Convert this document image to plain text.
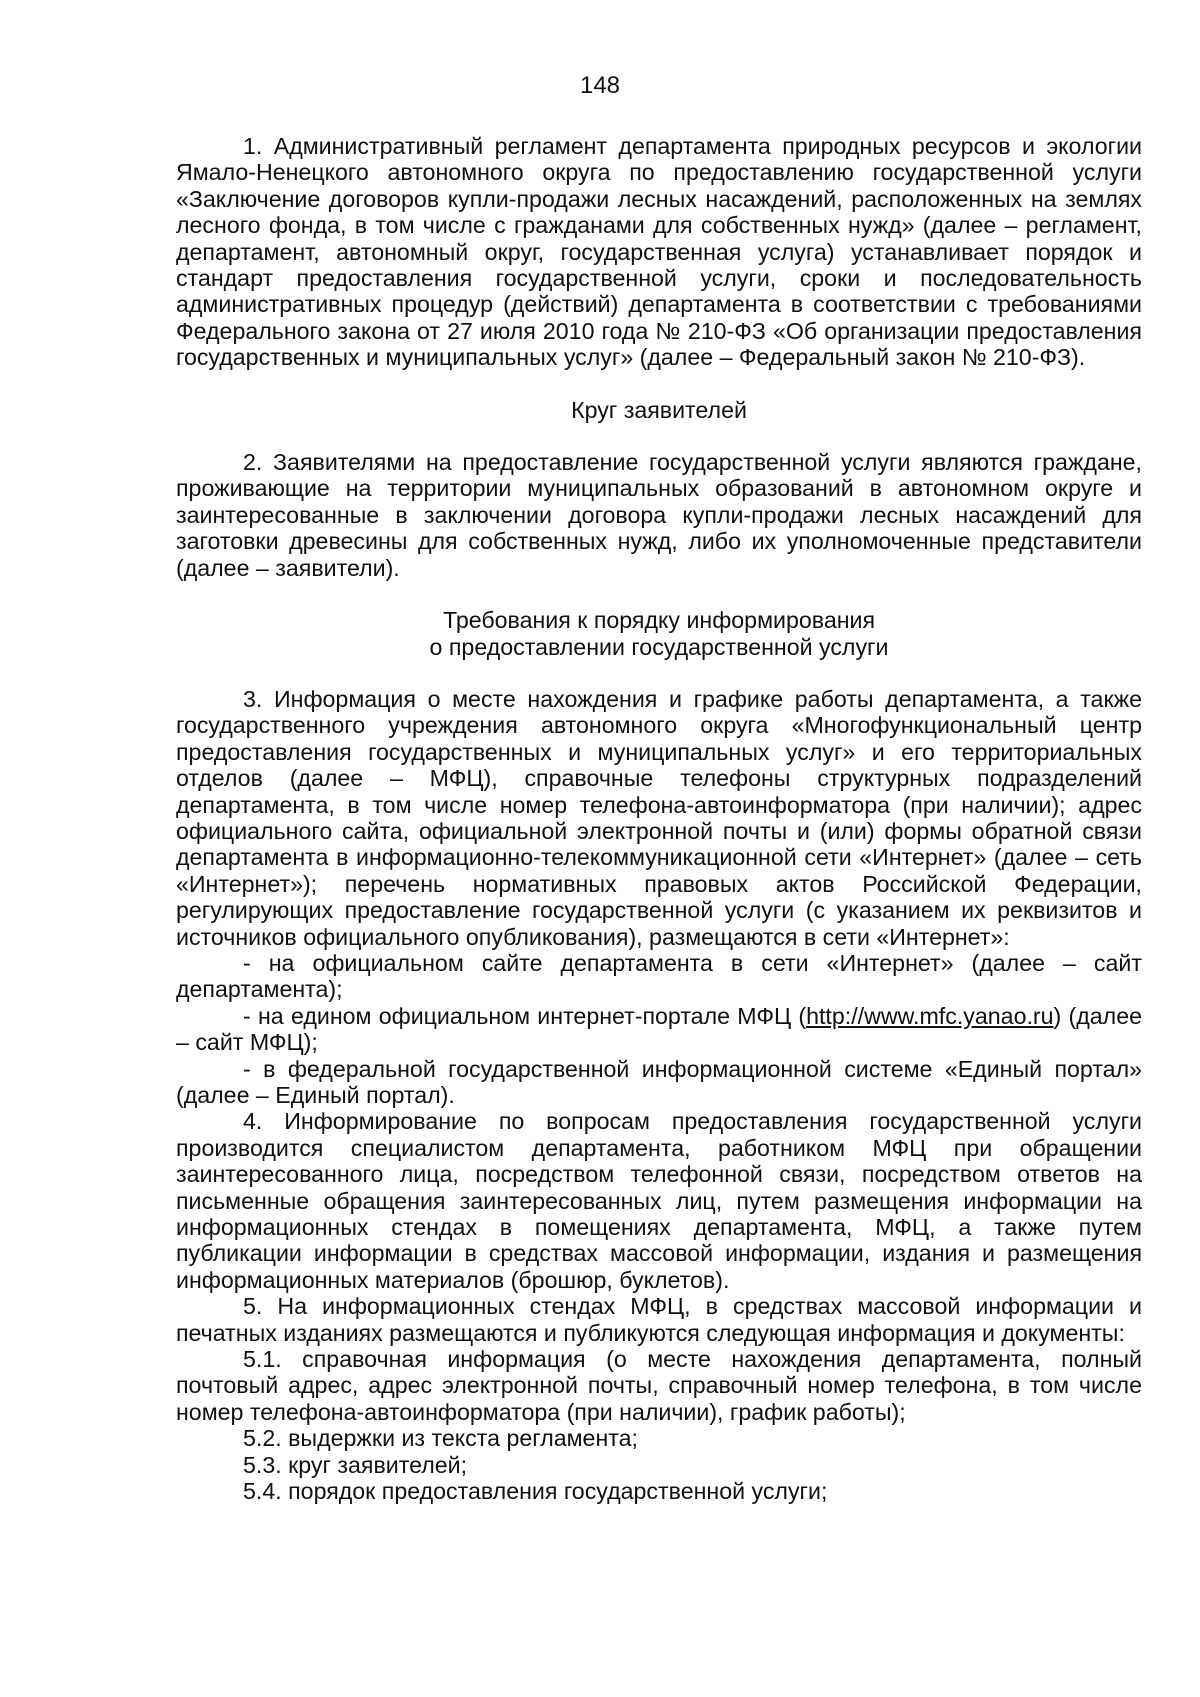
148

1. Административный регламент департамента природных ресурсов и экологии Ямало-Ненецкого автономного округа по предоставлению государственной услуги «Заключение договоров купли-продажи лесных насаждений, расположенных на землях лесного фонда, в том числе с гражданами для собственных нужд» (далее – регламент, департамент, автономный округ, государственная услуга) устанавливает порядок и стандарт предоставления государственной услуги, сроки и последовательность административных процедур (действий) департамента в соответствии с требованиями Федерального закона от 27 июля 2010 года № 210-ФЗ «Об организации предоставления государственных и муниципальных услуг» (далее – Федеральный закон № 210-ФЗ).

Круг заявителей

2. Заявителями на предоставление государственной услуги являются граждане, проживающие на территории муниципальных образований в автономном округе и заинтересованные в заключении договора купли-продажи лесных насаждений для заготовки древесины для собственных нужд, либо их уполномоченные представители (далее – заявители).

Требования к порядку информирования

о предоставлении государственной услуги

3. Информация о месте нахождения и графике работы департамента, а также государственного учреждения автономного округа «Многофункциональный центр предоставления государственных и муниципальных услуг» и его территориальных отделов (далее – МФЦ), справочные телефоны структурных подразделений департамента, в том числе номер телефона-автоинформатора (при наличии); адрес официального сайта, официальной электронной почты и (или) формы обратной связи департамента в информационно-телекоммуникационной сети «Интернет» (далее – сеть «Интернет»); перечень нормативных правовых актов Российской Федерации, регулирующих предоставление государственной услуги (с указанием их реквизитов и источников официального опубликования), размещаются в сети «Интернет»:

- на официальном сайте департамента в сети «Интернет» (далее – сайт департамента);

- на едином официальном интернет-портале МФЦ (http://www.mfc.yanao.ru) (далее – сайт МФЦ);

- в федеральной государственной информационной системе «Единый портал» (далее – Единый портал).

4. Информирование по вопросам предоставления государственной услуги производится специалистом департамента, работником МФЦ при обращении заинтересованного лица, посредством телефонной связи, посредством ответов на письменные обращения заинтересованных лиц, путем размещения информации на информационных стендах в помещениях департамента, МФЦ, а также путем публикации информации в средствах массовой информации, издания и размещения информационных материалов (брошюр, буклетов).

5. На информационных стендах МФЦ, в средствах массовой информации и печатных изданиях размещаются и публикуются следующая информация и документы:

5.1. справочная информация (о месте нахождения департамента, полный почтовый адрес, адрес электронной почты, справочный номер телефона, в том числе номер телефона-автоинформатора (при наличии), график работы);

5.2. выдержки из текста регламента;

5.3. круг заявителей;

5.4. порядок предоставления государственной услуги;
